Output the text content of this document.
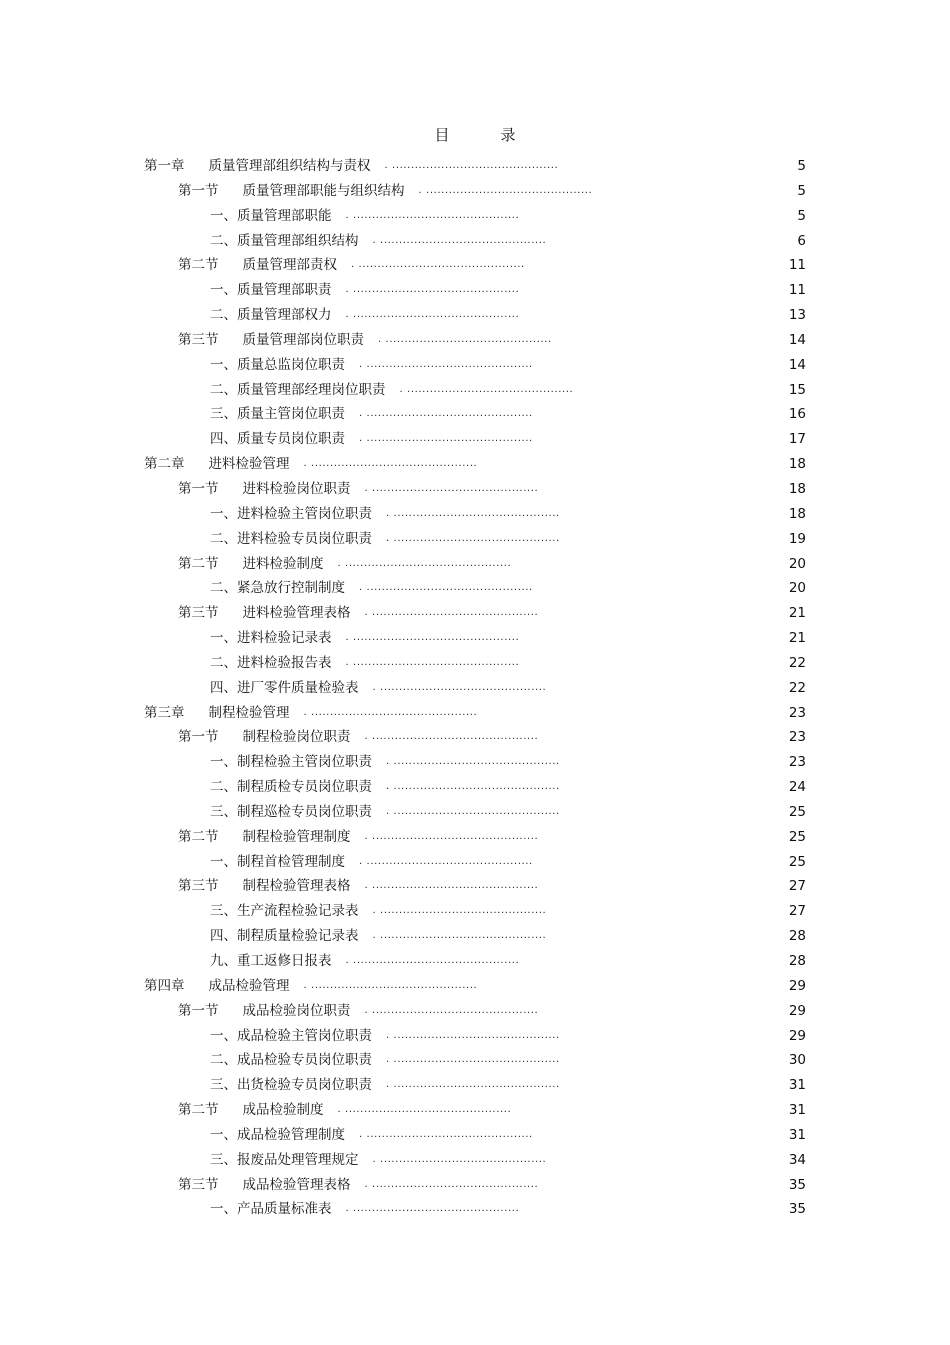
目　录
第一章 质量管理部组织结构与责权 . ............................................	5
第一节 质量管理部职能与组织结构 . ............................................	5
一、质量管理部职能 . ............................................	5
二、质量管理部组织结构 . ............................................	6
第二节 质量管理部责权 . ............................................	11
一、质量管理部职责 . ............................................	11
二、质量管理部权力 . ............................................	13
第三节 质量管理部岗位职责 . ............................................	14
一、质量总监岗位职责 . ............................................	14
二、质量管理部经理岗位职责 . ............................................	15
三、质量主管岗位职责 . ............................................	16
四、质量专员岗位职责 . ............................................	17
第二章 进料检验管理 . ............................................	18
第一节 进料检验岗位职责 . ............................................	18
一、进料检验主管岗位职责 . ............................................	18
二、进料检验专员岗位职责 . ............................................	19
第二节 进料检验制度 . ............................................	20
二、紧急放行控制制度 . ............................................	20
第三节 进料检验管理表格 . ............................................	21
一、进料检验记录表 . ............................................	21
二、进料检验报告表 . ............................................	22
四、进厂零件质量检验表 . ............................................	22
第三章 制程检验管理 . ............................................	23
第一节 制程检验岗位职责 . ............................................	23
一、制程检验主管岗位职责 . ............................................	23
二、制程质检专员岗位职责 . ............................................	24
三、制程巡检专员岗位职责 . ............................................	25
第二节 制程检验管理制度 . ............................................	25
一、制程首检管理制度 . ............................................	25
第三节 制程检验管理表格 . ............................................	27
三、生产流程检验记录表 . ............................................	27
四、制程质量检验记录表 . ............................................	28
九、重工返修日报表 . ............................................	28
第四章 成品检验管理 . ............................................	29
第一节 成品检验岗位职责 . ............................................	29
一、成品检验主管岗位职责 . ............................................	29
二、成品检验专员岗位职责 . ............................................	30
三、出货检验专员岗位职责 . ............................................	31
第二节 成品检验制度 . ............................................	31
一、成品检验管理制度 . ............................................	31
三、报废品处理管理规定 . ............................................	34
第三节 成品检验管理表格 . ............................................	35
一、产品质量标准表 . ............................................	35
